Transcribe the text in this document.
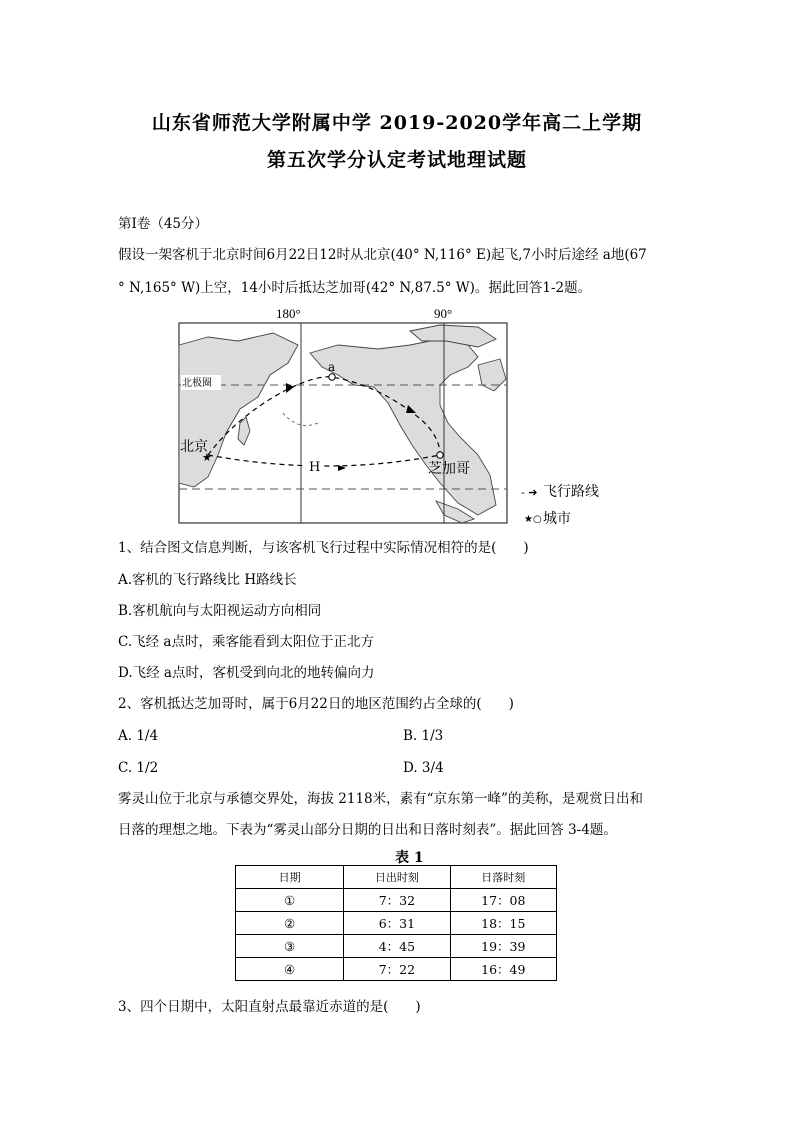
山东省师范大学附属中学 2019-2020学年高二上学期
第五次学分认定考试地理试题
第Ⅰ卷（45分）
假设一架客机于北京时间6月22日12时从北京(40° N,116° E)起飞,7小时后途经 a地(67
° N,165° W)上空，14小时后抵达芝加哥(42° N,87.5° W)。据此回答1-2题。
180°	90°
北极圈
H
★
北京
a
芝加哥
- ➔ 飞行路线
★○ 城市
1、结合图文信息判断，与该客机飞行过程中实际情况相符的是(　　)
A.客机的飞行路线比 H路线长
B.客机航向与太阳视运动方向相同
C.飞经 a点时，乘客能看到太阳位于正北方
D.飞经 a点时，客机受到向北的地转偏向力
2、客机抵达芝加哥时，属于6月22日的地区范围约占全球的(　　)
A. 1/4	B. 1/3
C. 1/2	D. 3/4
雾灵山位于北京与承德交界处，海拔 2118米，素有“京东第一峰”的美称，是观赏日出和
日落的理想之地。下表为“雾灵山部分日期的日出和日落时刻表”。据此回答 3-4题。
表 1
日期	日出时刻	日落时刻
①	7：32	17：08
②	6：31	18：15
③	4：45	19：39
④	7：22	16：49
3、四个日期中，太阳直射点最靠近赤道的是(　　)
